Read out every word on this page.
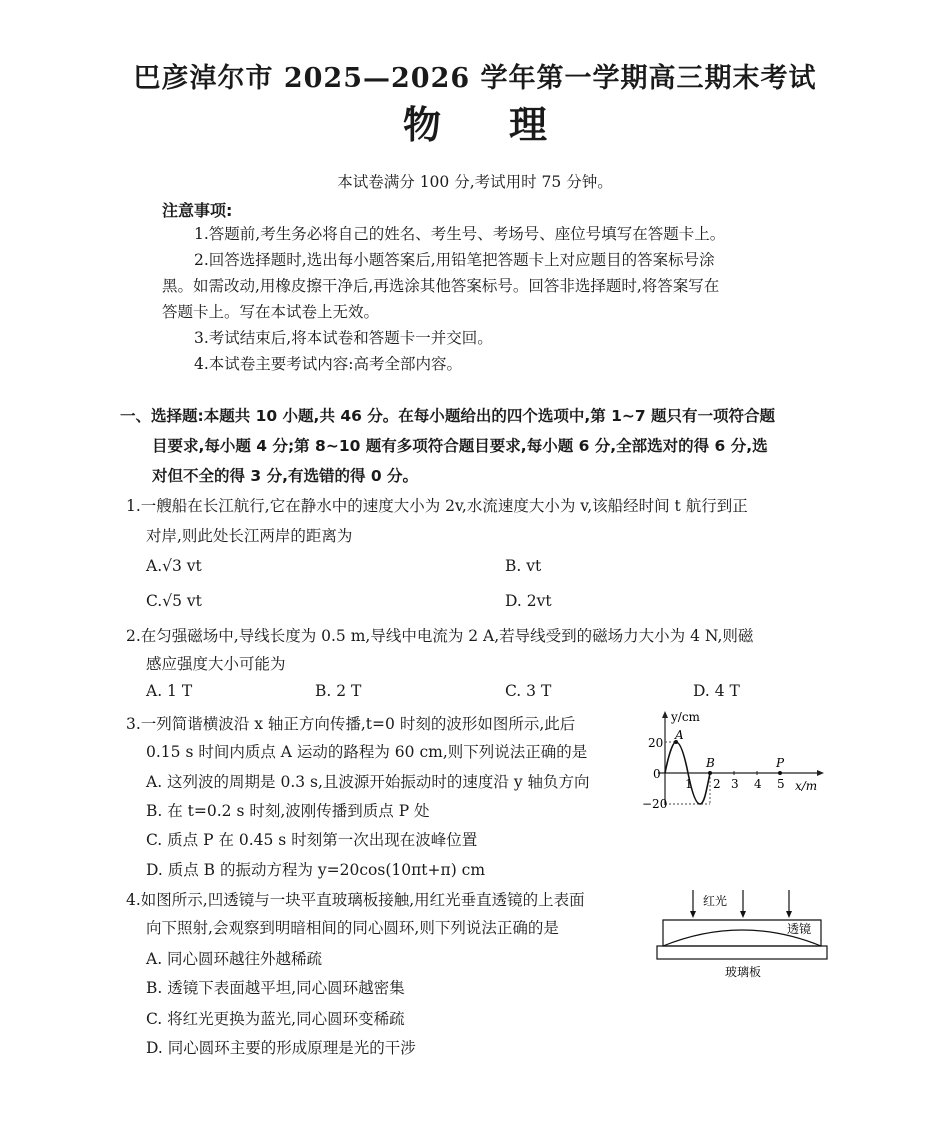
巴彦淖尔市 2025—2026 学年第一学期高三期末考试
物理
本试卷满分 100 分,考试用时 75 分钟。
注意事项:
1.答题前,考生务必将自己的姓名、考生号、考场号、座位号填写在答题卡上。
2.回答选择题时,选出每小题答案后,用铅笔把答题卡上对应题目的答案标号涂
黑。如需改动,用橡皮擦干净后,再选涂其他答案标号。回答非选择题时,将答案写在
答题卡上。写在本试卷上无效。
3.考试结束后,将本试卷和答题卡一并交回。
4.本试卷主要考试内容:高考全部内容。
一、选择题:本题共 10 小题,共 46 分。在每小题给出的四个选项中,第 1~7 题只有一项符合题
目要求,每小题 4 分;第 8~10 题有多项符合题目要求,每小题 6 分,全部选对的得 6 分,选
对但不全的得 3 分,有选错的得 0 分。
1.一艘船在长江航行,它在静水中的速度大小为 2v,水流速度大小为 v,该船经时间 t 航行到正
对岸,则此处长江两岸的距离为
A.√3 vt	B. vt
C.√5 vt	D. 2vt
2.在匀强磁场中,导线长度为 0.5 m,导线中电流为 2 A,若导线受到的磁场力大小为 4 N,则磁
感应强度大小可能为
A. 1 T	B. 2 T	C. 3 T	D. 4 T
3.一列简谐横波沿 x 轴正方向传播,t=0 时刻的波形如图所示,此后
0.15 s 时间内质点 A 运动的路程为 60 cm,则下列说法正确的是
A. 这列波的周期是 0.3 s,且波源开始振动时的速度沿 y 轴负方向
B. 在 t=0.2 s 时刻,波刚传播到质点 P 处
C. 质点 P 在 0.45 s 时刻第一次出现在波峰位置
D. 质点 B 的振动方程为 y=20cos(10πt+π) cm
y/cm
x/m
20
0
−20
1 2 3 4 5
A
B	P
4.如图所示,凹透镜与一块平直玻璃板接触,用红光垂直透镜的上表面
向下照射,会观察到明暗相间的同心圆环,则下列说法正确的是
A. 同心圆环越往外越稀疏
B. 透镜下表面越平坦,同心圆环越密集
C. 将红光更换为蓝光,同心圆环变稀疏
D. 同心圆环主要的形成原理是光的干涉
红光
透镜
玻璃板
